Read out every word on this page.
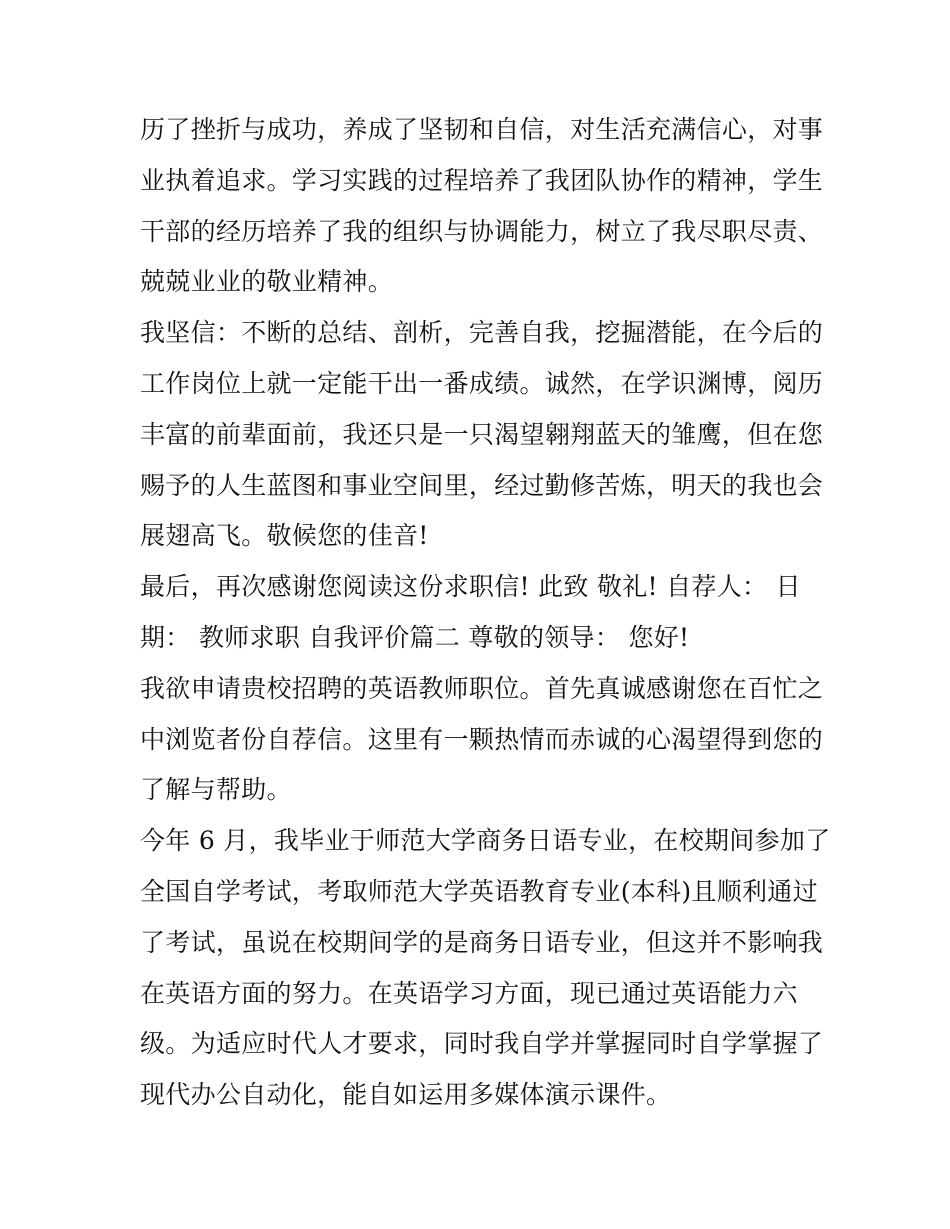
历了挫折与成功，养成了坚韧和自信，对生活充满信心，对事
业执着追求。学习实践的过程培养了我团队协作的精神，学生
干部的经历培养了我的组织与协调能力，树立了我尽职尽责、
兢兢业业的敬业精神。
我坚信：不断的总结、剖析，完善自我，挖掘潜能，在今后的
工作岗位上就一定能干出一番成绩。诚然，在学识渊博，阅历
丰富的前辈面前，我还只是一只渴望翱翔蓝天的雏鹰，但在您
赐予的人生蓝图和事业空间里，经过勤修苦炼，明天的我也会
展翅高飞。敬候您的佳音!
最后，再次感谢您阅读这份求职信! 此致 敬礼! 自荐人： 日
期： 教师求职 自我评价篇二 尊敬的领导： 您好!
我欲申请贵校招聘的英语教师职位。首先真诚感谢您在百忙之
中浏览者份自荐信。这里有一颗热情而赤诚的心渴望得到您的
了解与帮助。
今年 6 月，我毕业于师范大学商务日语专业，在校期间参加了
全国自学考试，考取师范大学英语教育专业(本科)且顺利通过
了考试，虽说在校期间学的是商务日语专业，但这并不影响我
在英语方面的努力。在英语学习方面，现已通过英语能力六
级。为适应时代人才要求，同时我自学并掌握同时自学掌握了
现代办公自动化，能自如运用多媒体演示课件。
